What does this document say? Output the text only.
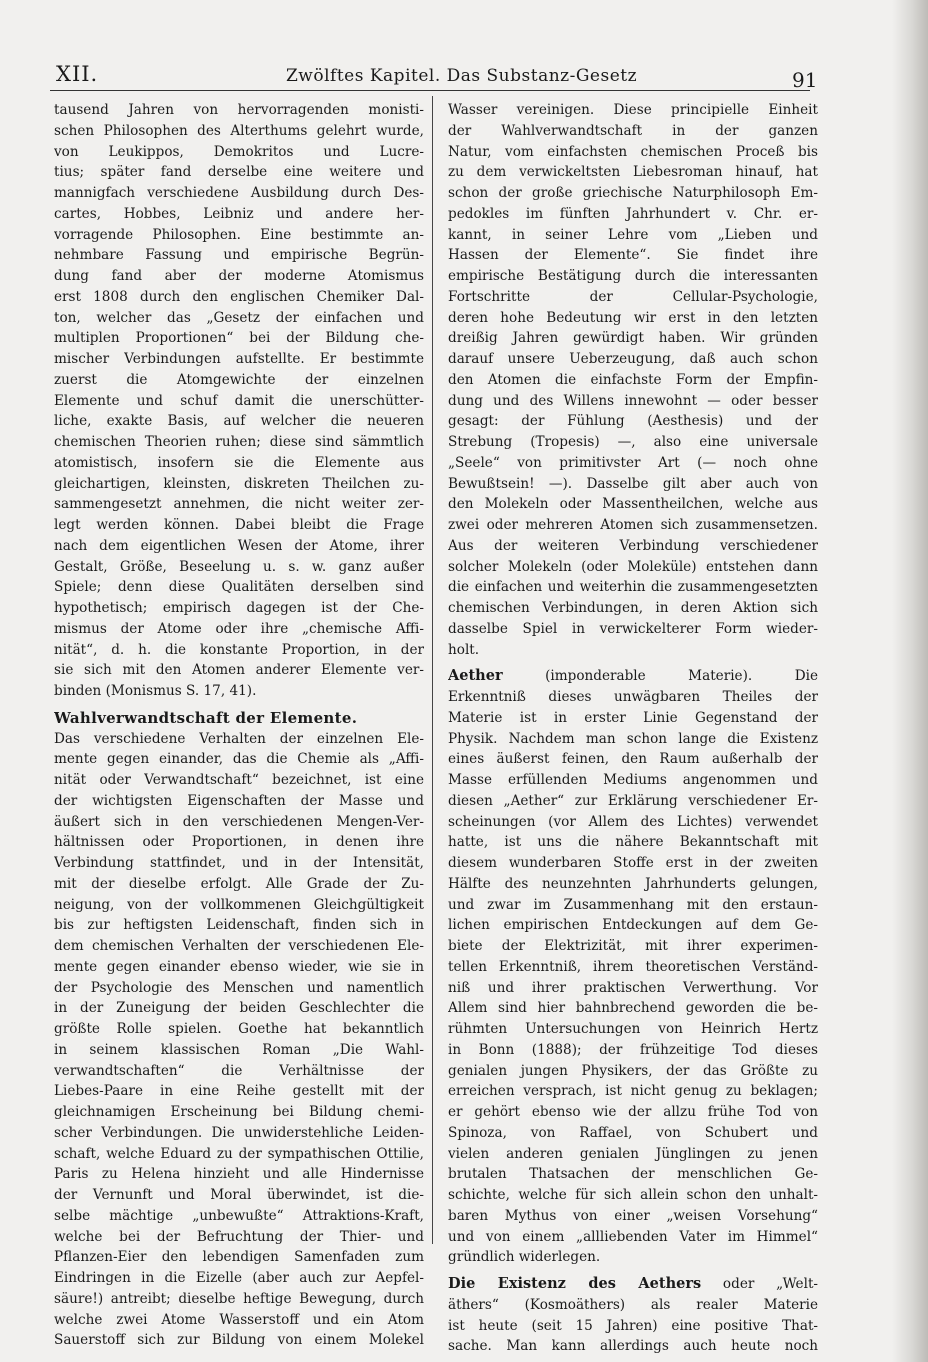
XII.	Zwölftes Kapitel. Das Substanz-Gesetz	91
tausend Jahren von hervorragenden monisti-
schen Philosophen des Alterthums gelehrt wurde,
von Leukippos, Demokritos und Lucre-
tius; später fand derselbe eine weitere und
mannigfach verschiedene Ausbildung durch Des-
cartes, Hobbes, Leibniz und andere her-
vorragende Philosophen. Eine bestimmte an-
nehmbare Fassung und empirische Begrün-
dung fand aber der moderne Atomismus
erst 1808 durch den englischen Chemiker Dal-
ton, welcher das „Gesetz der einfachen und
multiplen Proportionen“ bei der Bildung che-
mischer Verbindungen aufstellte. Er bestimmte
zuerst die Atomgewichte der einzelnen
Elemente und schuf damit die unerschütter-
liche, exakte Basis, auf welcher die neueren
chemischen Theorien ruhen; diese sind sämmtlich
atomistisch, insofern sie die Elemente aus
gleichartigen, kleinsten, diskreten Theilchen zu-
sammengesetzt annehmen, die nicht weiter zer-
legt werden können. Dabei bleibt die Frage
nach dem eigentlichen Wesen der Atome, ihrer
Gestalt, Größe, Beseelung u. s. w. ganz außer
Spiele; denn diese Qualitäten derselben sind
hypothetisch; empirisch dagegen ist der Che-
mismus der Atome oder ihre „chemische Affi-
nität“, d. h. die konstante Proportion, in der
sie sich mit den Atomen anderer Elemente ver-
binden (Monismus S. 17, 41).
Wahlverwandtschaft der Elemente.
Das verschiedene Verhalten der einzelnen Ele-
mente gegen einander, das die Chemie als „Affi-
nität oder Verwandtschaft“ bezeichnet, ist eine
der wichtigsten Eigenschaften der Masse und
äußert sich in den verschiedenen Mengen-Ver-
hältnissen oder Proportionen, in denen ihre
Verbindung stattfindet, und in der Intensität,
mit der dieselbe erfolgt. Alle Grade der Zu-
neigung, von der vollkommenen Gleichgültigkeit
bis zur heftigsten Leidenschaft, finden sich in
dem chemischen Verhalten der verschiedenen Ele-
mente gegen einander ebenso wieder, wie sie in
der Psychologie des Menschen und namentlich
in der Zuneigung der beiden Geschlechter die
größte Rolle spielen. Goethe hat bekanntlich
in seinem klassischen Roman „Die Wahl-
verwandtschaften“ die Verhältnisse der
Liebes-Paare in eine Reihe gestellt mit der
gleichnamigen Erscheinung bei Bildung chemi-
scher Verbindungen. Die unwiderstehliche Leiden-
schaft, welche Eduard zu der sympathischen Ottilie,
Paris zu Helena hinzieht und alle Hindernisse
der Vernunft und Moral überwindet, ist die-
selbe mächtige „unbewußte“ Attraktions-Kraft,
welche bei der Befruchtung der Thier- und
Pflanzen-Eier den lebendigen Samenfaden zum
Eindringen in die Eizelle (aber auch zur Aepfel-
säure!) antreibt; dieselbe heftige Bewegung, durch
welche zwei Atome Wasserstoff und ein Atom
Sauerstoff sich zur Bildung von einem Molekel
Wasser vereinigen. Diese principielle Einheit
der Wahlverwandtschaft in der ganzen
Natur, vom einfachsten chemischen Proceß bis
zu dem verwickeltsten Liebesroman hinauf, hat
schon der große griechische Naturphilosoph Em-
pedokles im fünften Jahrhundert v. Chr. er-
kannt, in seiner Lehre vom „Lieben und
Hassen der Elemente“. Sie findet ihre
empirische Bestätigung durch die interessanten
Fortschritte der Cellular-Psychologie,
deren hohe Bedeutung wir erst in den letzten
dreißig Jahren gewürdigt haben. Wir gründen
darauf unsere Ueberzeugung, daß auch schon
den Atomen die einfachste Form der Empfin-
dung und des Willens innewohnt — oder besser
gesagt: der Fühlung (Aesthesis) und der
Strebung (Tropesis) —, also eine universale
„Seele“ von primitivster Art (— noch ohne
Bewußtsein! —). Dasselbe gilt aber auch von
den Molekeln oder Massentheilchen, welche aus
zwei oder mehreren Atomen sich zusammensetzen.
Aus der weiteren Verbindung verschiedener
solcher Molekeln (oder Moleküle) entstehen dann
die einfachen und weiterhin die zusammengesetzten
chemischen Verbindungen, in deren Aktion sich
dasselbe Spiel in verwickelterer Form wieder-
holt.
Aether (imponderable Materie). Die
Erkenntniß dieses unwägbaren Theiles der
Materie ist in erster Linie Gegenstand der
Physik. Nachdem man schon lange die Existenz
eines äußerst feinen, den Raum außerhalb der
Masse erfüllenden Mediums angenommen und
diesen „Aether“ zur Erklärung verschiedener Er-
scheinungen (vor Allem des Lichtes) verwendet
hatte, ist uns die nähere Bekanntschaft mit
diesem wunderbaren Stoffe erst in der zweiten
Hälfte des neunzehnten Jahrhunderts gelungen,
und zwar im Zusammenhang mit den erstaun-
lichen empirischen Entdeckungen auf dem Ge-
biete der Elektrizität, mit ihrer experimen-
tellen Erkenntniß, ihrem theoretischen Verständ-
niß und ihrer praktischen Verwerthung. Vor
Allem sind hier bahnbrechend geworden die be-
rühmten Untersuchungen von Heinrich Hertz
in Bonn (1888); der frühzeitige Tod dieses
genialen jungen Physikers, der das Größte zu
erreichen versprach, ist nicht genug zu beklagen;
er gehört ebenso wie der allzu frühe Tod von
Spinoza, von Raffael, von Schubert und
vielen anderen genialen Jünglingen zu jenen
brutalen Thatsachen der menschlichen Ge-
schichte, welche für sich allein schon den unhalt-
baren Mythus von einer „weisen Vorsehung“
und von einem „allliebenden Vater im Himmel“
gründlich widerlegen.
Die Existenz des Aethers oder „Welt-
äthers“ (Kosmoäthers) als realer Materie
ist heute (seit 15 Jahren) eine positive That-
sache. Man kann allerdings auch heute noch
